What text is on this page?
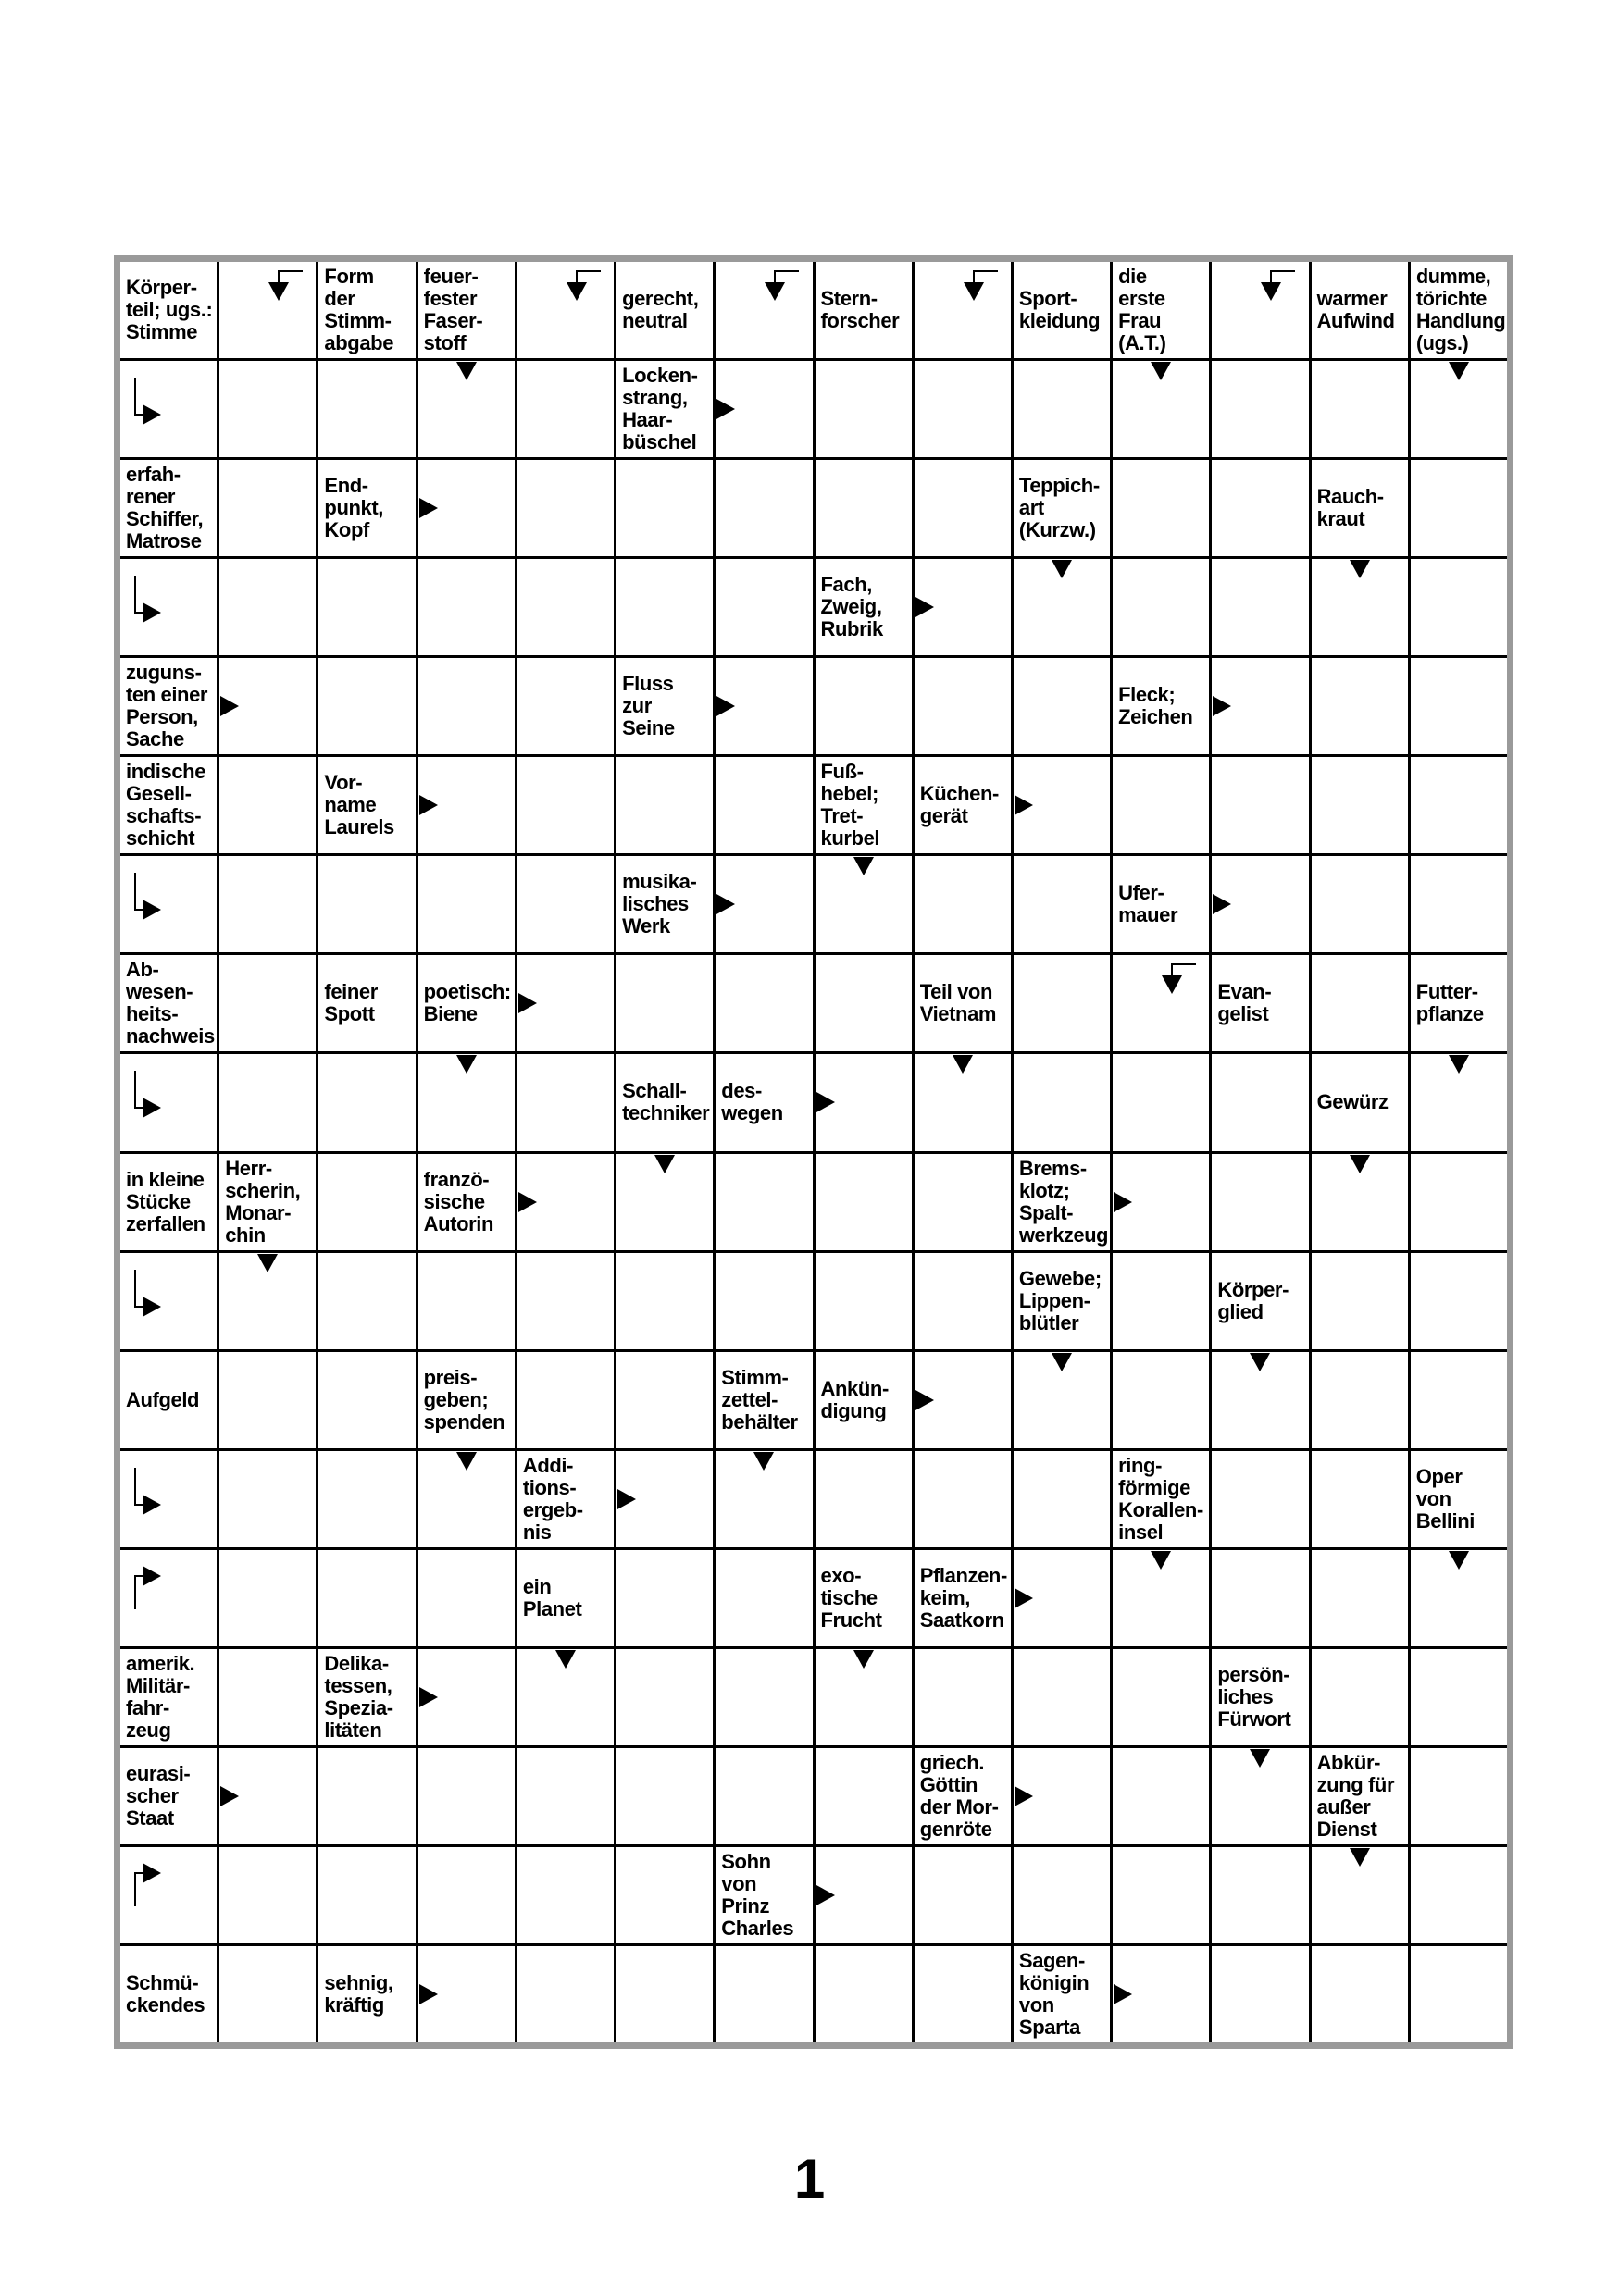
Körper-
teil; ugs.:
Stimme
Form
der
Stimm-
abgabe
feuer-
fester
Faser-
stoff
gerecht,
neutral
Stern-
forscher
Sport-
kleidung
die
erste
Frau
(A.T.)
warmer
Aufwind
dumme,
törichte
Handlung
(ugs.)
Locken-
strang,
Haar-
büschel
erfah-
rener
Schiffer,
Matrose
End-
punkt,
Kopf
Teppich-
art
(Kurzw.)
Rauch-
kraut
Fach,
Zweig,
Rubrik
zuguns-
ten einer
Person,
Sache
Fluss
zur
Seine
Fleck;
Zeichen
indische
Gesell-
schafts-
schicht
Vor-
name
Laurels
Fuß-
hebel;
Tret-
kurbel
Küchen-
gerät
musika-
lisches
Werk
Ufer-
mauer
Ab-
wesen-
heits-
nachweis
feiner
Spott
poetisch:
Biene
Teil von
Vietnam
Evan-
gelist
Futter-
pflanze
Schall-
techniker
des-
wegen	Gewürz
in kleine
Stücke
zerfallen
Herr-
scherin,
Monar-
chin
franzö-
sische
Autorin
Brems-
klotz;
Spalt-
werkzeug
Gewebe;
Lippen-
blütler
Körper-
glied
Aufgeld
preis-
geben;
spenden
Stimm-
zettel-
behälter
Ankün-
digung
Addi-
tions-
ergeb-
nis
ring-
förmige
Korallen-
insel
Oper
von
Bellini
ein
Planet
exo-
tische
Frucht
Pflanzen-
keim,
Saatkorn
amerik.
Militär-
fahr-
zeug
Delika-
tessen,
Spezia-
litäten
persön-
liches
Fürwort
eurasi-
scher
Staat
griech.
Göttin
der Mor-
genröte
Abkür-
zung für
außer
Dienst
Sohn
von
Prinz
Charles
Schmü-
ckendes
sehnig,
kräftig
Sagen-
königin
von
Sparta
1
